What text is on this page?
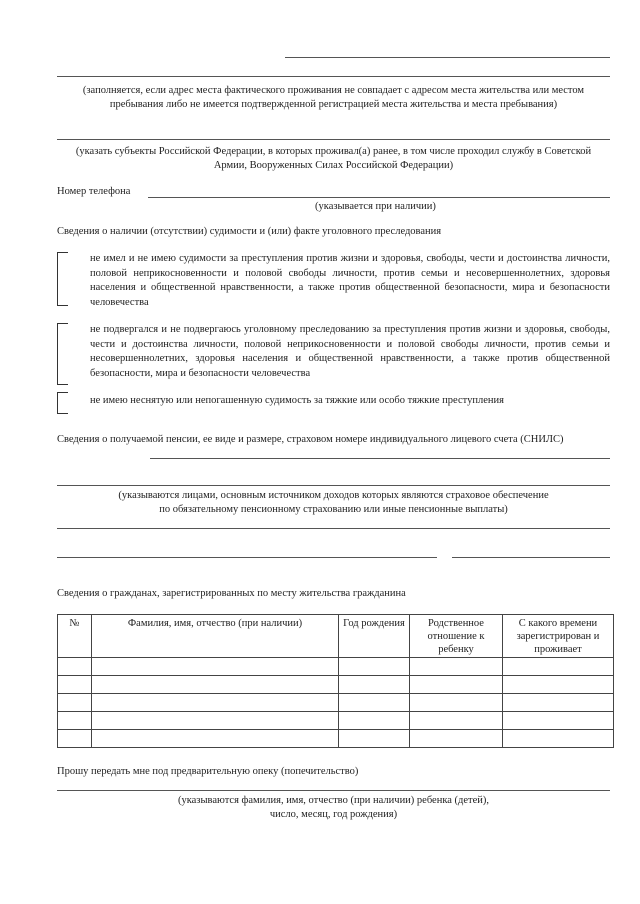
(заполняется, если адрес места фактического проживания не совпадает с адресом места жительства или местом пребывания либо не имеется подтвержденной регистрацией места жительства и места пребывания)
(указать субъекты Российской Федерации, в которых проживал(а) ранее, в том числе проходил службу в Советской Армии, Вооруженных Силах Российской Федерации)
Номер телефона
(указывается при наличии)
Сведения о наличии (отсутствии) судимости и (или) факте уголовного преследования
не имел и не имею судимости за преступления против жизни и здоровья, свободы, чести и достоинства личности, половой неприкосновенности и половой свободы личности, против семьи и несовершеннолетних, здоровья населения и общественной нравственности, а также против общественной безопасности, мира и безопасности человечества
не подвергался и не подвергаюсь уголовному преследованию за преступления против жизни и здоровья, свободы, чести и достоинства личности, половой неприкосновенности и половой свободы личности, против семьи и несовершеннолетних, здоровья населения и общественной нравственности, а также против общественной безопасности, мира и безопасности человечества
не имею неснятую или непогашенную судимость за тяжкие или особо тяжкие преступления
Сведения о получаемой пенсии, ее виде и размере, страховом номере индивидуального лицевого счета (СНИЛС)
(указываются лицами, основным источником доходов которых являются страховое обеспечение
по обязательному пенсионному страхованию или иные пенсионные выплаты)
Сведения о гражданах, зарегистрированных по месту жительства гражданина
№	Фамилия, имя, отчество (при наличии)	Год рождения	Родственное отношение к ребенку	С какого времени зарегистрирован и проживает

Прошу передать мне под предварительную опеку (попечительство)
(указываются фамилия, имя, отчество (при наличии) ребенка (детей),
число, месяц, год рождения)
